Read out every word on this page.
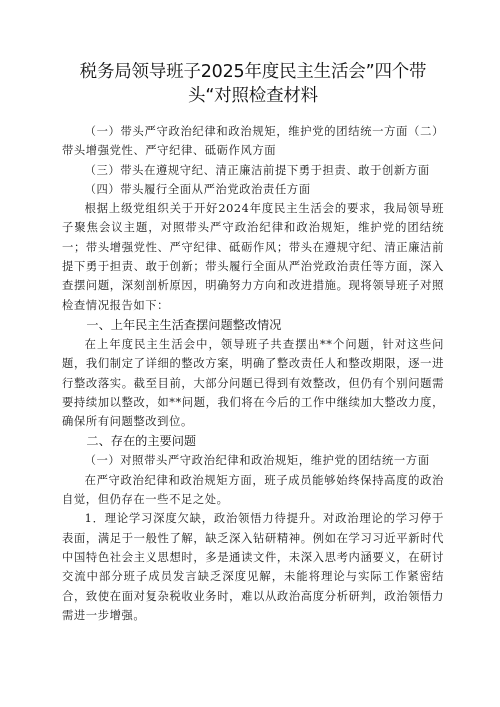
税务局领导班子2025年度民主生活会”四个带头“对照检查材料

（一）带头严守政治纪律和政治规矩，维护党的团结统一方面（二）带头增强党性、严守纪律、砥砺作风方面

（三）带头在遵规守纪、清正廉洁前提下勇于担责、敢于创新方面

（四）带头履行全面从严治党政治责任方面

根据上级党组织关于开好2024年度民主生活会的要求，我局领导班子聚焦会议主题，对照带头严守政治纪律和政治规矩，维护党的团结统一；带头增强党性、严守纪律、砥砺作风；带头在遵规守纪、清正廉洁前提下勇于担责、敢于创新；带头履行全面从严治党政治责任等方面，深入查摆问题，深刻剖析原因，明确努力方向和改进措施。现将领导班子对照检查情况报告如下：

一、上年民主生活查摆问题整改情况

在上年度民主生活会中，领导班子共查摆出**个问题，针对这些问题，我们制定了详细的整改方案，明确了整改责任人和整改期限，逐一进行整改落实。截至目前，大部分问题已得到有效整改，但仍有个别问题需要持续加以整改，如**问题，我们将在今后的工作中继续加大整改力度，确保所有问题整改到位。

二、存在的主要问题

（一）对照带头严守政治纪律和政治规矩，维护党的团结统一方面

在严守政治纪律和政治规矩方面，班子成员能够始终保持高度的政治自觉，但仍存在一些不足之处。

1．理论学习深度欠缺，政治领悟力待提升。对政治理论的学习停于表面，满足于一般性了解，缺乏深入钻研精神。例如在学习习近平新时代中国特色社会主义思想时，多是通读文件，未深入思考内涵要义，在研讨交流中部分班子成员发言缺乏深度见解，未能将理论与实际工作紧密结合，致使在面对复杂税收业务时，难以从政治高度分析研判，政治领悟力需进一步增强。
